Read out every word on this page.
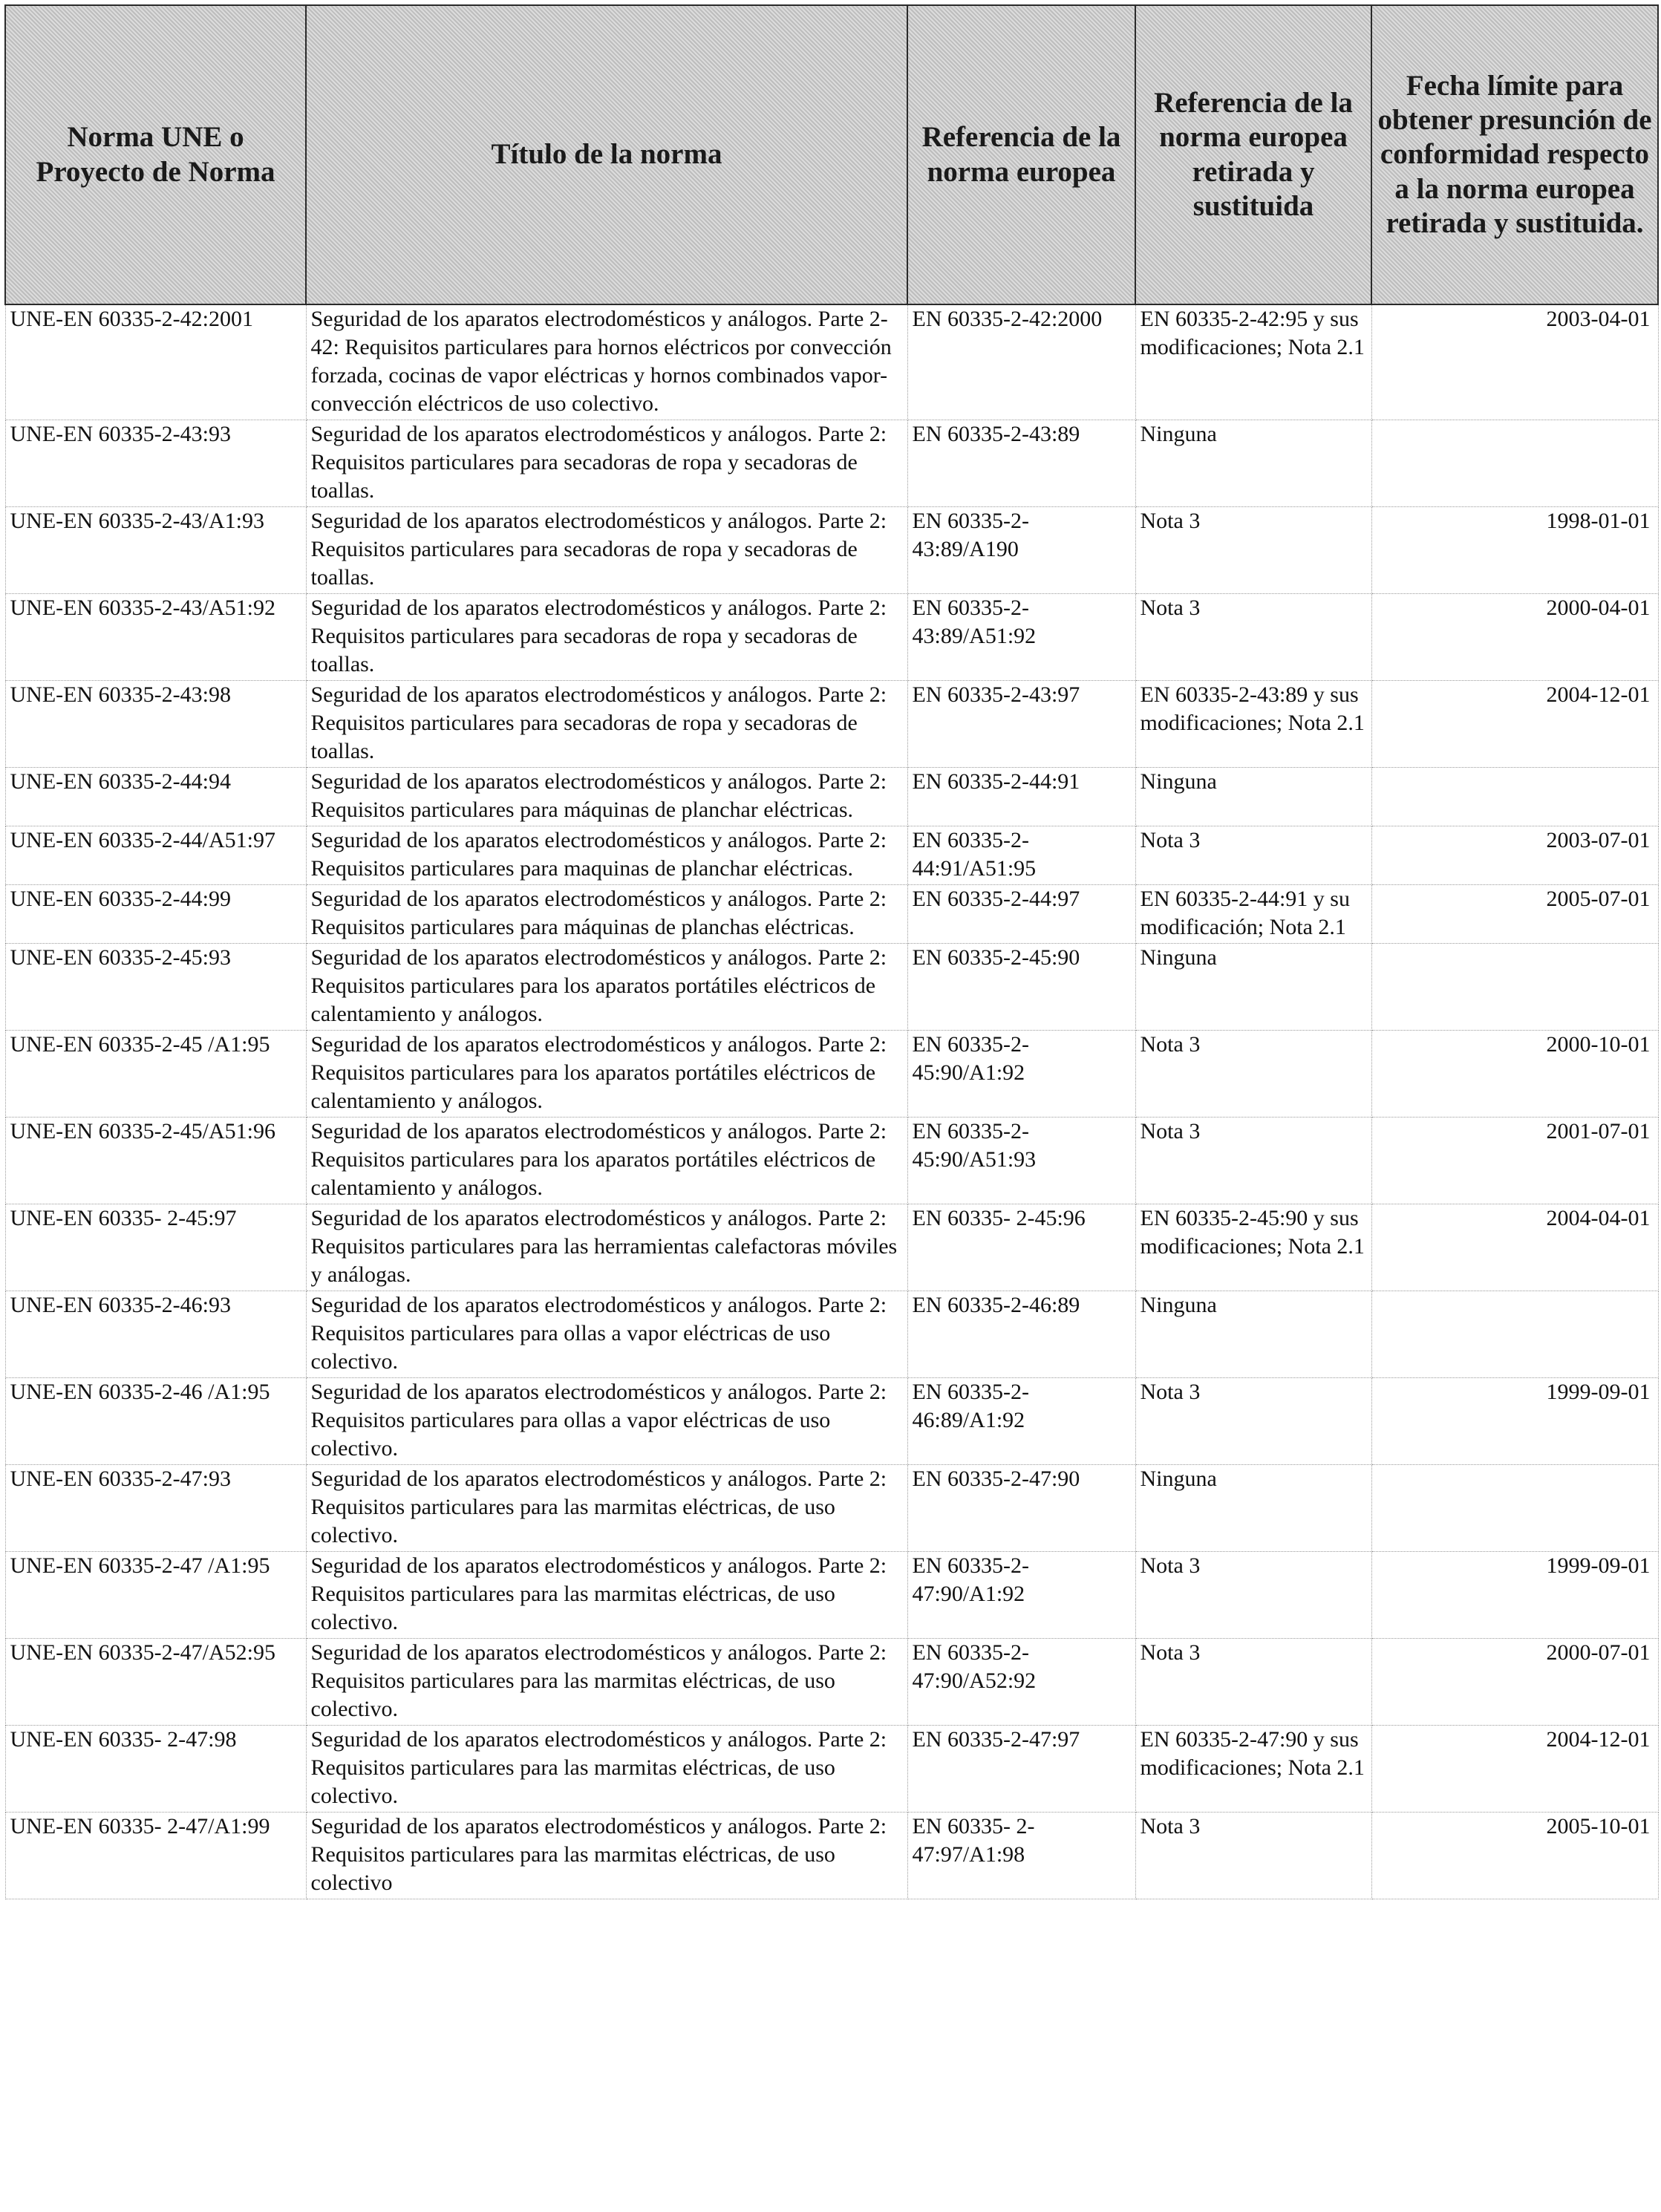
Norma UNE o Proyecto de Norma	Título de la norma	Referencia de la norma europea	Referencia de la norma europea retirada y sustituida	Fecha límite para obtener presunción de conformidad respecto a la norma europea retirada y sustituida.
UNE-EN 60335-2-42:2001	Seguridad de los aparatos electrodomésticos y análogos. Parte 2-42: Requisitos particulares para hornos eléctricos por convección forzada, cocinas de vapor eléctricas y hornos combinados vapor-convección eléctricos de uso colectivo.	EN 60335-2-42:2000	EN 60335-2-42:95 y sus modificaciones; Nota 2.1	2003-04-01
UNE-EN 60335-2-43:93	Seguridad de los aparatos electrodomésticos y análogos. Parte 2: Requisitos particulares para secadoras de ropa y secadoras de toallas.	EN 60335-2-43:89	Ninguna	
UNE-EN 60335-2-43/A1:93	Seguridad de los aparatos electrodomésticos y análogos. Parte 2: Requisitos particulares para secadoras de ropa y secadoras de toallas.	EN 60335-2-43:89/A190	Nota 3	1998-01-01
UNE-EN 60335-2-43/A51:92	Seguridad de los aparatos electrodomésticos y análogos. Parte 2: Requisitos particulares para secadoras de ropa y secadoras de toallas.	EN 60335-2-43:89/A51:92	Nota 3	2000-04-01
UNE-EN 60335-2-43:98	Seguridad de los aparatos electrodomésticos y análogos. Parte 2: Requisitos particulares para secadoras de ropa y secadoras de toallas.	EN 60335-2-43:97	EN 60335-2-43:89 y sus modificaciones; Nota 2.1	2004-12-01
UNE-EN 60335-2-44:94	Seguridad de los aparatos electrodomésticos y análogos. Parte 2: Requisitos particulares para máquinas de planchar eléctricas.	EN 60335-2-44:91	Ninguna	
UNE-EN 60335-2-44/A51:97	Seguridad de los aparatos electrodomésticos y análogos. Parte 2: Requisitos particulares para maquinas de planchar eléctricas.	EN 60335-2-44:91/A51:95	Nota 3	2003-07-01
UNE-EN 60335-2-44:99	Seguridad de los aparatos electrodomésticos y análogos. Parte 2: Requisitos particulares para máquinas de planchas eléctricas.	EN 60335-2-44:97	EN 60335-2-44:91 y su modificación; Nota 2.1	2005-07-01
UNE-EN 60335-2-45:93	Seguridad de los aparatos electrodomésticos y análogos. Parte 2: Requisitos particulares para los aparatos portátiles eléctricos de calentamiento y análogos.	EN 60335-2-45:90	Ninguna	
UNE-EN 60335-2-45 /A1:95	Seguridad de los aparatos electrodomésticos y análogos. Parte 2: Requisitos particulares para los aparatos portátiles eléctricos de calentamiento y análogos.	EN 60335-2-45:90/A1:92	Nota 3	2000-10-01
UNE-EN 60335-2-45/A51:96	Seguridad de los aparatos electrodomésticos y análogos. Parte 2: Requisitos particulares para los aparatos portátiles eléctricos de calentamiento y análogos.	EN 60335-2-45:90/A51:93	Nota 3	2001-07-01
UNE-EN 60335- 2-45:97	Seguridad de los aparatos electrodomésticos y análogos. Parte 2: Requisitos particulares para las herramientas calefactoras móviles y análogas.	EN 60335- 2-45:96	EN 60335-2-45:90 y sus modificaciones; Nota 2.1	2004-04-01
UNE-EN 60335-2-46:93	Seguridad de los aparatos electrodomésticos y análogos. Parte 2: Requisitos particulares para ollas a vapor eléctricas de uso colectivo.	EN 60335-2-46:89	Ninguna	
UNE-EN 60335-2-46 /A1:95	Seguridad de los aparatos electrodomésticos y análogos. Parte 2: Requisitos particulares para ollas a vapor eléctricas de uso colectivo.	EN 60335-2-46:89/A1:92	Nota 3	1999-09-01
UNE-EN 60335-2-47:93	Seguridad de los aparatos electrodomésticos y análogos. Parte 2: Requisitos particulares para las marmitas eléctricas, de uso colectivo.	EN 60335-2-47:90	Ninguna	
UNE-EN 60335-2-47 /A1:95	Seguridad de los aparatos electrodomésticos y análogos. Parte 2: Requisitos particulares para las marmitas eléctricas, de uso colectivo.	EN 60335-2-47:90/A1:92	Nota 3	1999-09-01
UNE-EN 60335-2-47/A52:95	Seguridad de los aparatos electrodomésticos y análogos. Parte 2: Requisitos particulares para las marmitas eléctricas, de uso colectivo.	EN 60335-2-47:90/A52:92	Nota 3	2000-07-01
UNE-EN 60335- 2-47:98	Seguridad de los aparatos electrodomésticos y análogos. Parte 2: Requisitos particulares para las marmitas eléctricas, de uso colectivo.	EN 60335-2-47:97	EN 60335-2-47:90 y sus modificaciones; Nota 2.1	2004-12-01
UNE-EN 60335- 2-47/A1:99	Seguridad de los aparatos electrodomésticos y análogos. Parte 2: Requisitos particulares para las marmitas eléctricas, de uso colectivo	EN 60335- 2-47:97/A1:98	Nota 3	2005-10-01
